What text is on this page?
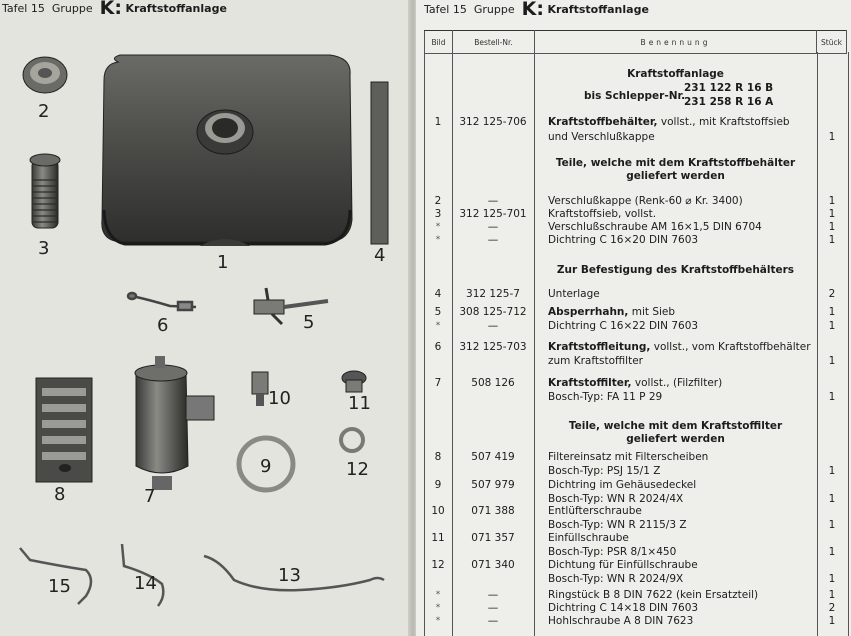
Tafel 15 Gruppe K: Kraftstoffanlage
2
3
1	4
5
6
7
8
9
10	11
12
13
14
15
Tafel 15 Gruppe K: Kraftstoffanlage
Bild	Bestell-Nr.	Benennung	Stück
Kraftstoffanlage
bis Schlepper-Nr.
231 122 R 16 B
231 258 R 16 A
Teile, welche mit dem Kraftstoffbehälter
geliefert werden
Zur Befestigung des Kraftstoffbehälters
Teile, welche mit dem Kraftstoffilter
geliefert werden
1	312 125-706	Kraftstoffbehälter, vollst., mit Kraftstoffsieb
und Verschlußkappe	1
2	—	Verschlußkappe (Renk-60 ⌀ Kr. 3400)	1
3	312 125-701	Kraftstoffsieb, vollst.	1
*	—	Verschlußschraube AM 16×1,5 DIN 6704	1
*	—	Dichtring C 16×20 DIN 7603	1
4	312 125-7	Unterlage	2
5	308 125-712	Absperrhahn, mit Sieb	1
*	—	Dichtring C 16×22 DIN 7603	1
6	312 125-703	Kraftstoffleitung, vollst., vom Kraftstoffbehälter
zum Kraftstoffilter	1
7	508 126	Kraftstoffilter, vollst., (Filzfilter)
Bosch-Typ: FA 11 P 29	1
8	507 419	Filtereinsatz mit Filterscheiben
Bosch-Typ: PSJ 15/1 Z	1
9	507 979	Dichtring im Gehäusedeckel
Bosch-Typ: WN R 2024/4X	1
10	071 388	Entlüfterschraube
Bosch-Typ: WN R 2115/3 Z	1
11	071 357	Einfüllschraube
Bosch-Typ: PSR 8/1×450	1
12	071 340	Dichtung für Einfüllschraube
Bosch-Typ: WN R 2024/9X	1
*	—	Ringstück B 8 DIN 7622 (kein Ersatzteil)	1
*	—	Dichtring C 14×18 DIN 7603	2
*	—	Hohlschraube A 8 DIN 7623	1
